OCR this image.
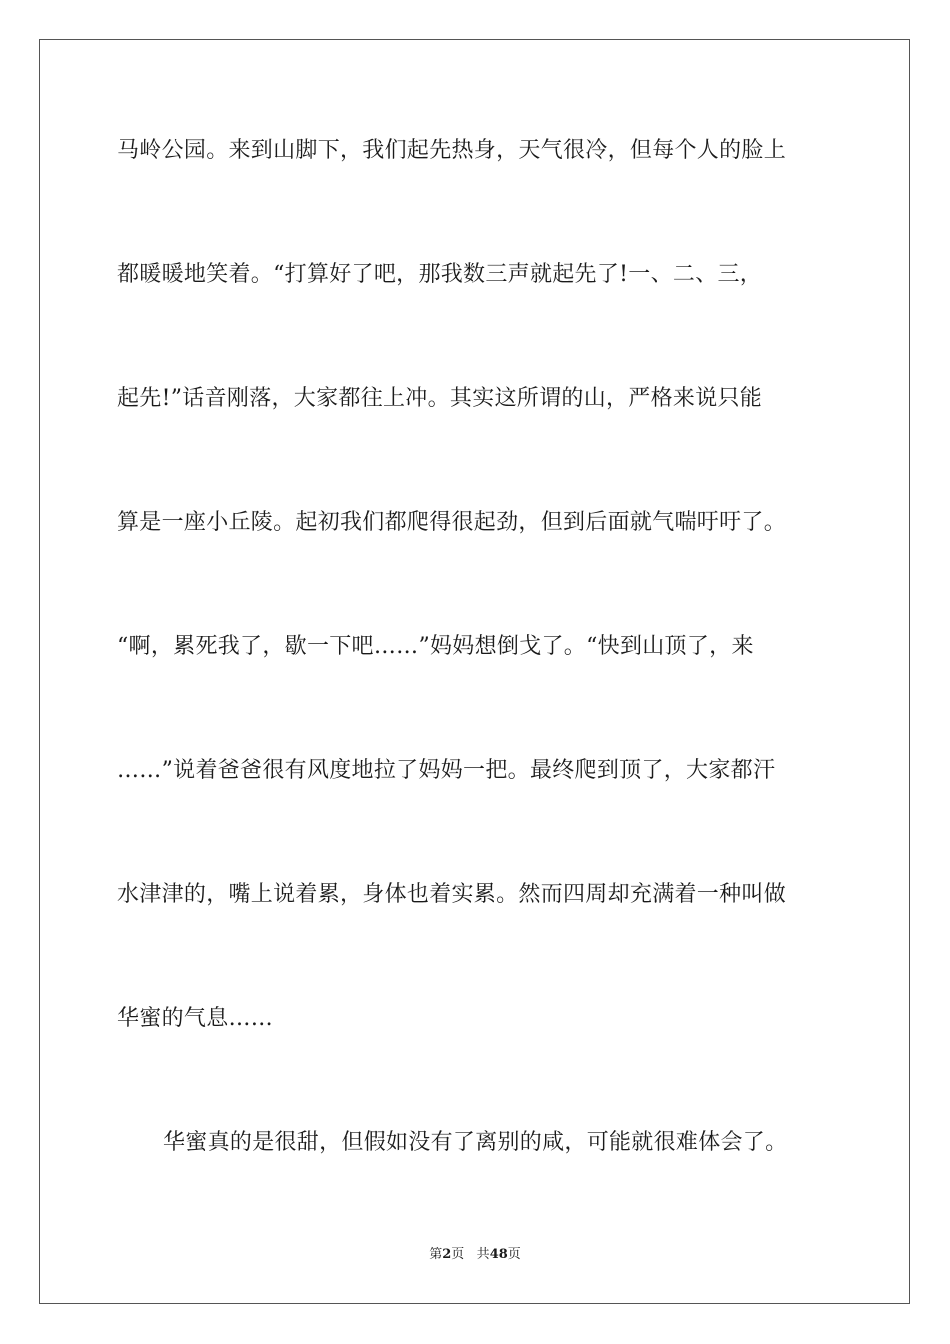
马岭公园。来到山脚下，我们起先热身，天气很冷，但每个人的脸上
都暖暖地笑着。“打算好了吧，那我数三声就起先了!一、二、三，
起先!”话音刚落，大家都往上冲。其实这所谓的山，严格来说只能
算是一座小丘陵。起初我们都爬得很起劲，但到后面就气喘吁吁了。
“啊，累死我了，歇一下吧……”妈妈想倒戈了。“快到山顶了，来
……”说着爸爸很有风度地拉了妈妈一把。最终爬到顶了，大家都汗
水津津的，嘴上说着累，身体也着实累。然而四周却充满着一种叫做
华蜜的气息……
华蜜真的是很甜，但假如没有了离别的咸，可能就很难体会了。
第2页 共48页
